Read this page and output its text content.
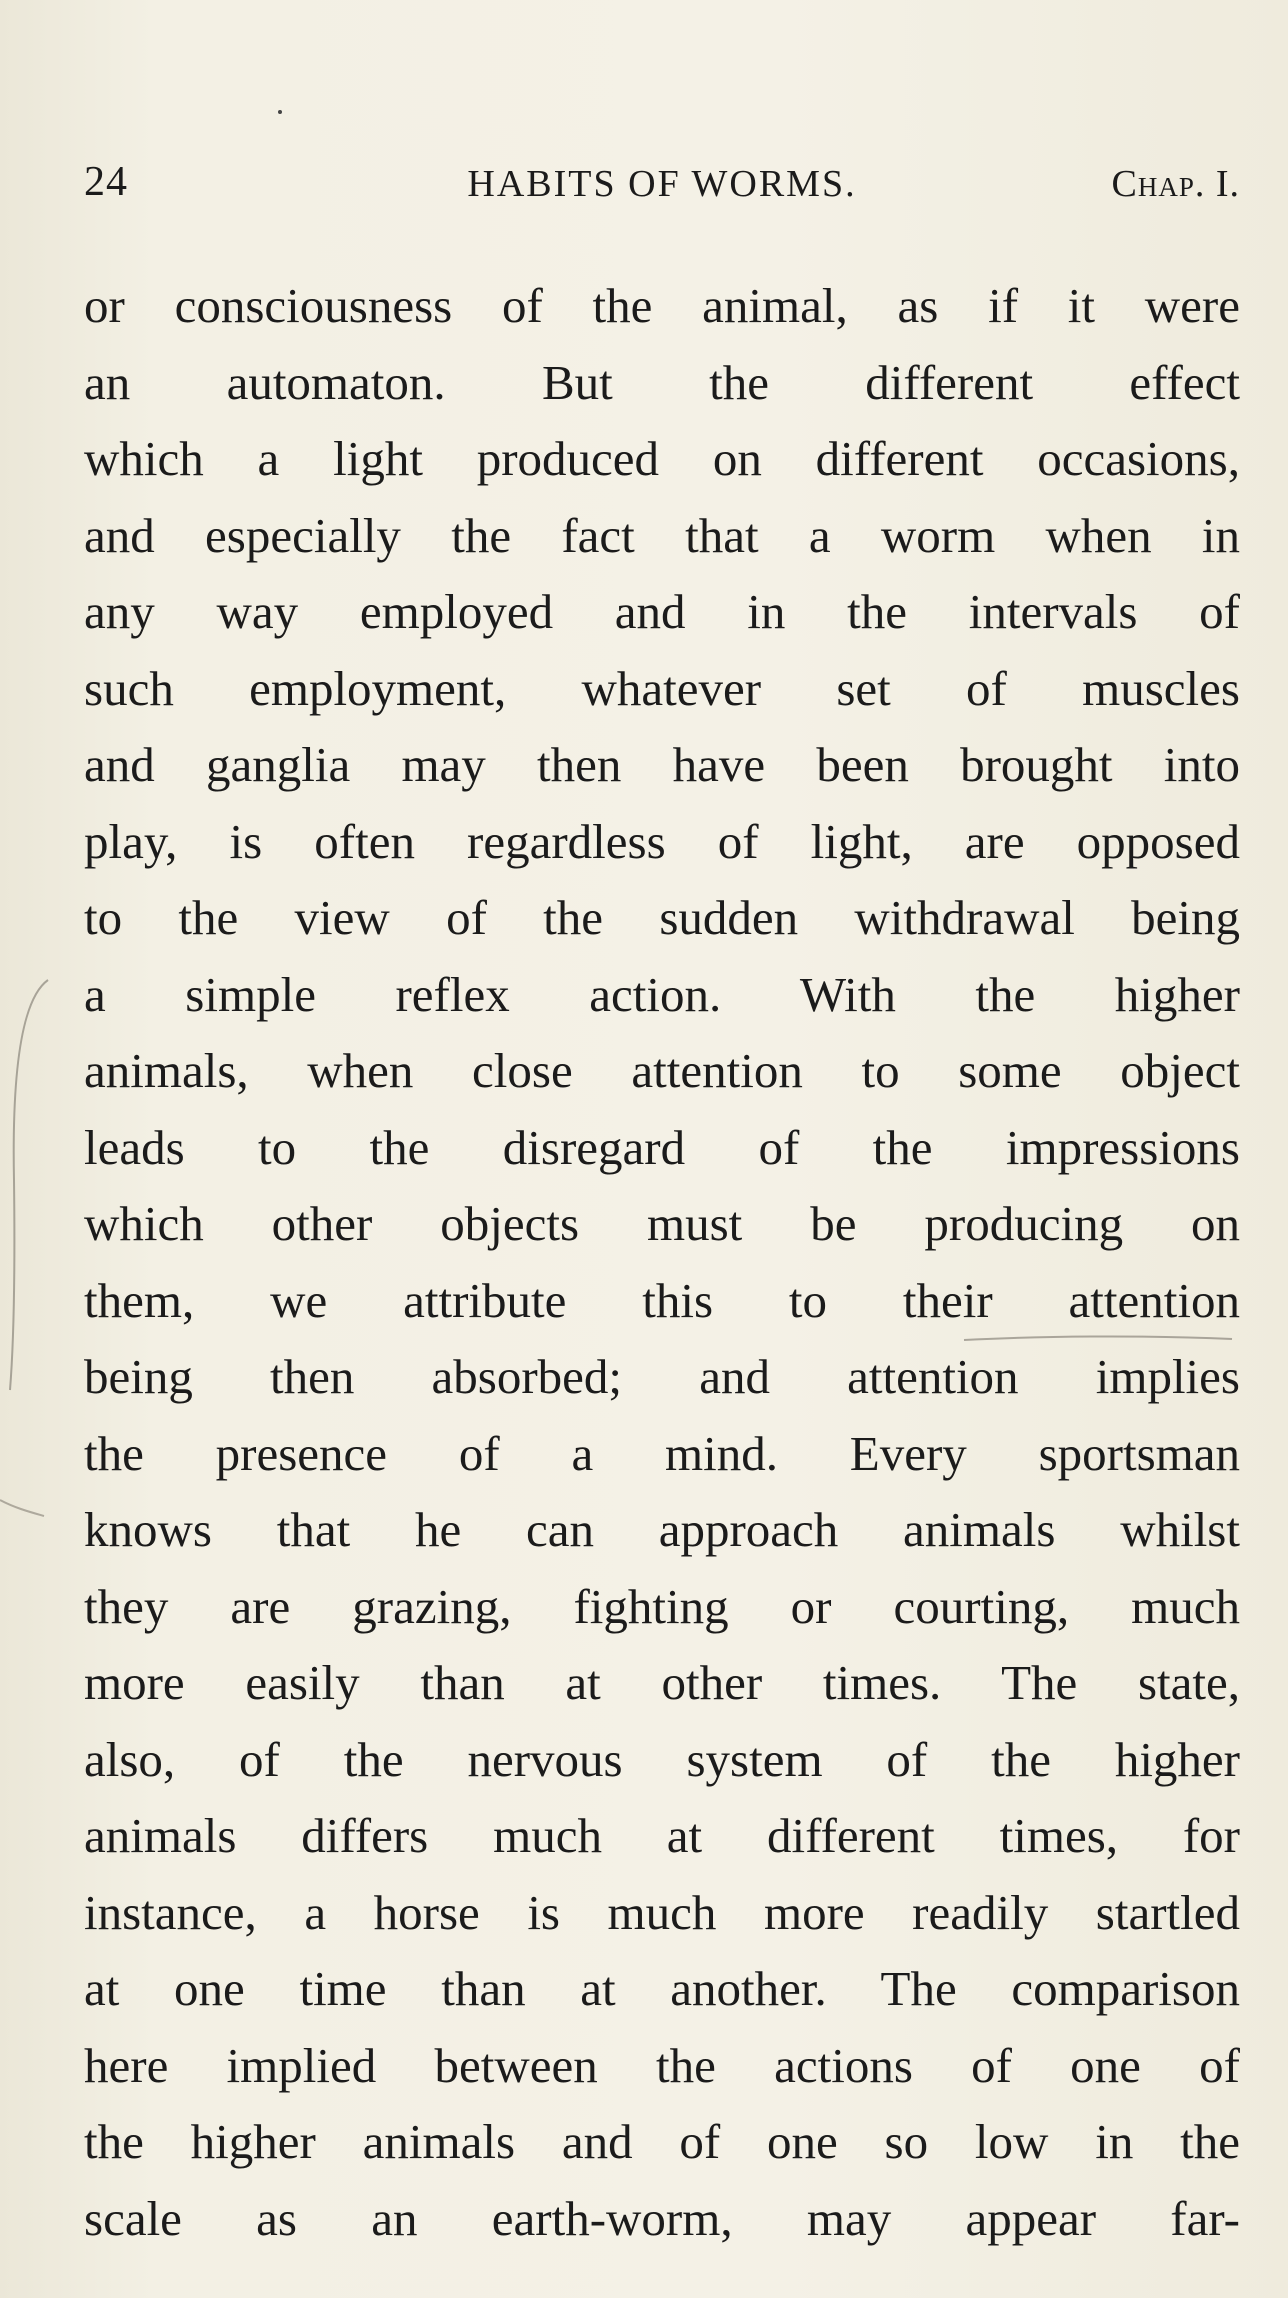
24	HABITS OF WORMS.	Chap. I.
or consciousness of the animal, as if it were
an automaton. But the different effect
which a light produced on different occasions,
and especially the fact that a worm when in
any way employed and in the intervals of
such employment, whatever set of muscles
and ganglia may then have been brought into
play, is often regardless of light, are opposed
to the view of the sudden withdrawal being
a simple reflex action. With the higher
animals, when close attention to some object
leads to the disregard of the impressions
which other objects must be producing on
them, we attribute this to their attention
being then absorbed; and attention implies
the presence of a mind. Every sportsman
knows that he can approach animals whilst
they are grazing, fighting or courting, much
more easily than at other times. The state,
also, of the nervous system of the higher
animals differs much at different times, for
instance, a horse is much more readily startled
at one time than at another. The comparison
here implied between the actions of one of
the higher animals and of one so low in the
scale as an earth-worm, may appear far-
